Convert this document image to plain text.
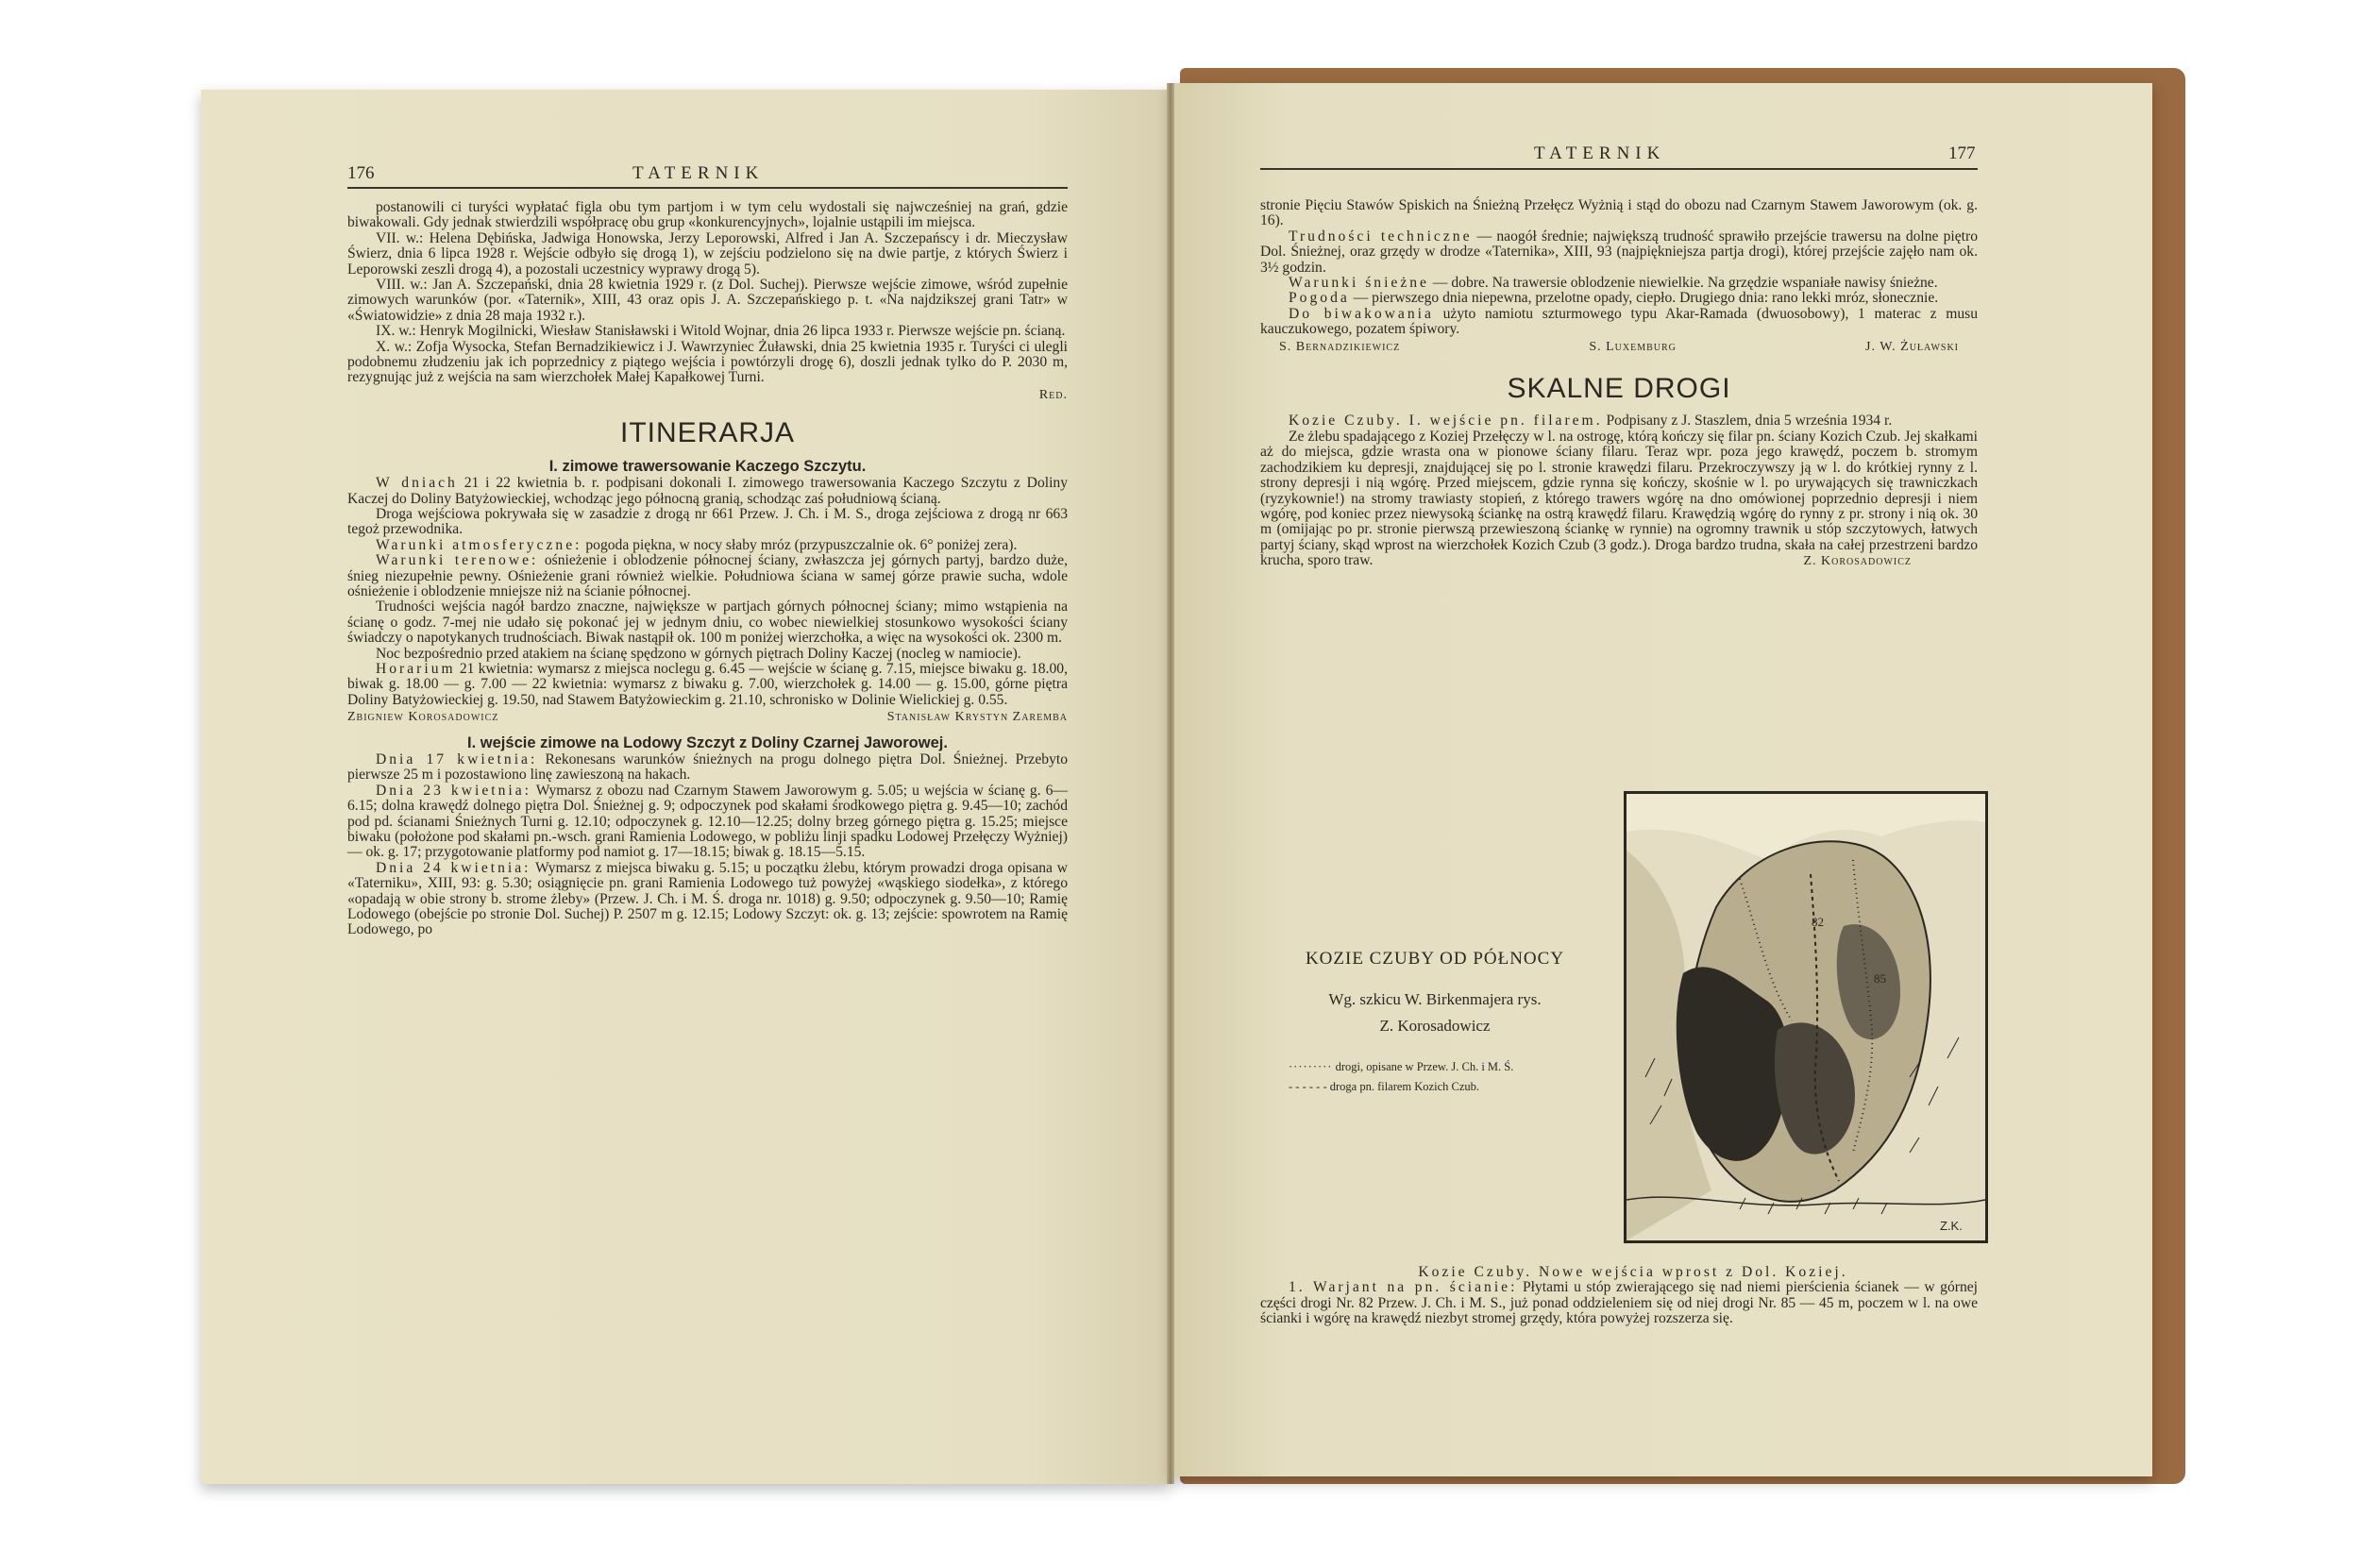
176	TATERNIK

postanowili ci turyści wypłatać figla obu tym partjom i w tym celu wydostali się najwcześniej na grań, gdzie biwakowali. Gdy jednak stwierdzili współpracę obu grup «konkurencyjnych», lojalnie ustąpili im miejsca.

VII. w.: Helena Dębińska, Jadwiga Honowska, Jerzy Leporowski, Alfred i Jan A. Szczepańscy i dr. Mieczysław Świerz, dnia 6 lipca 1928 r. Wejście odbyło się drogą 1), w zejściu podzielono się na dwie partje, z których Świerz i Leporowski zeszli drogą 4), a pozostali uczestnicy wyprawy drogą 5).

VIII. w.: Jan A. Szczepański, dnia 28 kwietnia 1929 r. (z Dol. Suchej). Pierwsze wejście zimowe, wśród zupełnie zimowych warunków (por. «Taternik», XIII, 43 oraz opis J. A. Szczepańskiego p. t. «Na najdzikszej grani Tatr» w «Światowidzie» z dnia 28 maja 1932 r.).

IX. w.: Henryk Mogilnicki, Wiesław Stanisławski i Witold Wojnar, dnia 26 lipca 1933 r. Pierwsze wejście pn. ścianą.

X. w.: Zofja Wysocka, Stefan Bernadzikiewicz i J. Wawrzyniec Żuławski, dnia 25 kwietnia 1935 r. Turyści ci ulegli podobnemu złudzeniu jak ich poprzednicy z piątego wejścia i powtórzyli drogę 6), doszli jednak tylko do P. 2030 m, rezygnując już z wejścia na sam wierzchołek Małej Kapałkowej Turni.

Red.
ITINERARJA
I. zimowe trawersowanie Kaczego Szczytu.

W dniach 21 i 22 kwietnia b. r. podpisani dokonali I. zimowego trawersowania Kaczego Szczytu z Doliny Kaczej do Doliny Batyżowieckiej, wchodząc jego północną granią, schodząc zaś południową ścianą.

Droga wejściowa pokrywała się w zasadzie z drogą nr 661 Przew. J. Ch. i M. S., droga zejściowa z drogą nr 663 tegoż przewodnika.

Warunki atmosferyczne: pogoda piękna, w nocy słaby mróz (przypuszczalnie ok. 6° poniżej zera).

Warunki terenowe: ośnieżenie i oblodzenie północnej ściany, zwłaszcza jej górnych partyj, bardzo duże, śnieg niezupełnie pewny. Ośnieżenie grani również wielkie. Południowa ściana w samej górze prawie sucha, wdole ośnieżenie i oblodzenie mniejsze niż na ścianie północnej.

Trudności wejścia nagół bardzo znaczne, największe w partjach górnych północnej ściany; mimo wstąpienia na ścianę o godz. 7-mej nie udało się pokonać jej w jednym dniu, co wobec niewielkiej stosunkowo wysokości ściany świadczy o napotykanych trudnościach. Biwak nastąpił ok. 100 m poniżej wierzchołka, a więc na wysokości ok. 2300 m.

Noc bezpośrednio przed atakiem na ścianę spędzono w górnych piętrach Doliny Kaczej (nocleg w namiocie).

Horarium 21 kwietnia: wymarsz z miejsca noclegu g. 6.45 — wejście w ścianę g. 7.15, miejsce biwaku g. 18.00, biwak g. 18.00 — g. 7.00 — 22 kwietnia: wymarsz z biwaku g. 7.00, wierzchołek g. 14.00 — g. 15.00, górne piętra Doliny Batyżowieckiej g. 19.50, nad Stawem Batyżowieckim g. 21.10, schronisko w Dolinie Wielickiej g. 0.55.

Zbigniew Korosadowicz	Stanisław Krystyn Zaremba
I. wejście zimowe na Lodowy Szczyt z Doliny Czarnej Jaworowej.

Dnia 17 kwietnia: Rekonesans warunków śnieżnych na progu dolnego piętra Dol. Śnieżnej. Przebyto pierwsze 25 m i pozostawiono linę zawieszoną na hakach.

Dnia 23 kwietnia: Wymarsz z obozu nad Czarnym Stawem Jaworowym g. 5.05; u wejścia w ścianę g. 6—6.15; dolna krawędź dolnego piętra Dol. Śnieżnej g. 9; odpoczynek pod skałami środkowego piętra g. 9.45—10; zachód pod pd. ścianami Śnieżnych Turni g. 12.10; odpoczynek g. 12.10—12.25; dolny brzeg górnego piętra g. 15.25; miejsce biwaku (położone pod skałami pn.-wsch. grani Ramienia Lodowego, w pobliżu linji spadku Lodowej Przełęczy Wyżniej) — ok. g. 17; przygotowanie platformy pod namiot g. 17—18.15; biwak g. 18.15—5.15.

Dnia 24 kwietnia: Wymarsz z miejsca biwaku g. 5.15; u początku żlebu, którym prowadzi droga opisana w «Taterniku», XIII, 93: g. 5.30; osiągnięcie pn. grani Ramienia Lodowego tuż powyżej «wąskiego siodełka», z którego «opadają w obie strony b. strome żleby» (Przew. J. Ch. i M. Ś. droga nr. 1018) g. 9.50; odpoczynek g. 9.50—10; Ramię Lodowego (obejście po stronie Dol. Suchej) P. 2507 m g. 12.15; Lodowy Szczyt: ok. g. 13; zejście: spowrotem na Ramię Lodowego, po

TATERNIK	177

stronie Pięciu Stawów Spiskich na Śnieżną Przełęcz Wyżnią i stąd do obozu nad Czarnym Stawem Jaworowym (ok. g. 16).

Trudności techniczne — naogół średnie; największą trudność sprawiło przejście trawersu na dolne piętro Dol. Śnieżnej, oraz grzędy w drodze «Taternika», XIII, 93 (najpiękniejsza partja drogi), której przejście zajęło nam ok. 3½ godzin.

Warunki śnieżne — dobre. Na trawersie oblodzenie niewielkie. Na grzędzie wspaniałe nawisy śnieżne.

Pogoda — pierwszego dnia niepewna, przelotne opady, ciepło. Drugiego dnia: rano lekki mróz, słonecznie.

Do biwakowania użyto namiotu szturmowego typu Akar-Ramada (dwuosobowy), 1 materac z musu kauczukowego, pozatem śpiwory.

S. Bernadzikiewicz	S. Luxemburg	J. W. Żuławski
SKALNE DROGI

Kozie Czuby. I. wejście pn. filarem. Podpisany z J. Staszlem, dnia 5 września 1934 r.

Ze żlebu spadającego z Koziej Przełęczy w l. na ostrogę, którą kończy się filar pn. ściany Kozich Czub. Jej skałkami aż do miejsca, gdzie wrasta ona w pionowe ściany filaru. Teraz wpr. poza jego krawędź, poczem b. stromym zachodzikiem ku depresji, znajdującej się po l. stronie krawędzi filaru. Przekroczywszy ją w l. do krótkiej rynny z l. strony depresji i nią wgórę. Przed miejscem, gdzie rynna się kończy, skośnie w l. po urywających się trawniczkach (ryzykownie!) na stromy trawiasty stopień, z którego trawers wgórę na dno omówionej poprzednio depresji i niem wgórę, pod koniec przez niewysoką ściankę na ostrą krawędź filaru. Krawędzią wgórę do rynny z pr. strony i nią ok. 30 m (omijając po pr. stronie pierwszą przewieszoną ściankę w rynnie) na ogromny trawnik u stóp szczytowych, łatwych partyj ściany, skąd wprost na wierzchołek Kozich Czub (3 godz.). Droga bardzo trudna, skała na całej przestrzeni bardzo krucha, sporo traw.	Z. Korosadowicz
KOZIE CZUBY OD PÓŁNOCY
Wg. szkicu W. Birkenmajera rys.
Z. Korosadowicz
········· drogi, opisane w Przew. J. Ch. i M. Ś.
- - - - - - droga pn. filarem Kozich Czub.
82
85
Z.K.

Kozie Czuby. Nowe wejścia wprost z Dol. Koziej.

1. Warjant na pn. ścianie: Płytami u stóp zwierającego się nad niemi pierścienia ścianek — w górnej części drogi Nr. 82 Przew. J. Ch. i M. S., już ponad oddzieleniem się od niej drogi Nr. 85 — 45 m, poczem w l. na owe ścianki i wgórę na krawędź niezbyt stromej grzędy, która powyżej rozszerza się.
